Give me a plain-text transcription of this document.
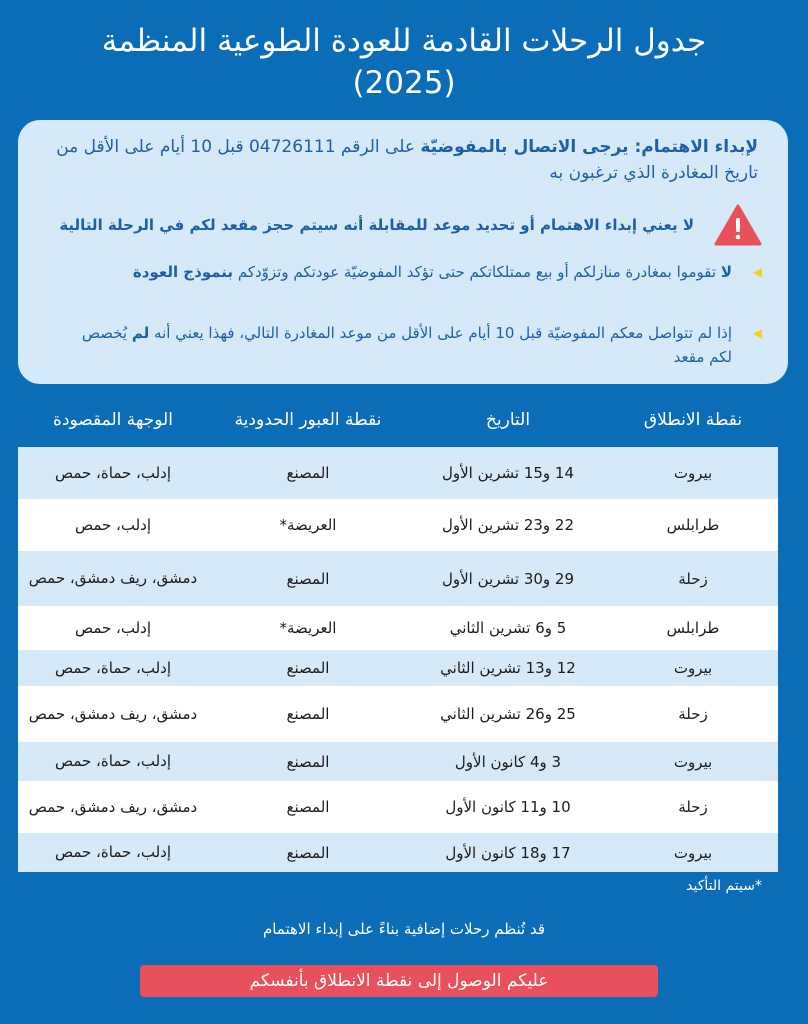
جدول الرحلات القادمة للعودة الطوعية المنظمة
(2025)
لإبداء الاهتمام: يرجى الاتصال بالمفوضيّة على الرقم 04726111 قبل 10 أيام على الأقل من تاريخ المغادرة الذي ترغبون به
لا يعني إبداء الاهتمام أو تحديد موعد للمقابلة أنه سيتم حجز مقعد لكم في الرحلة التالية
◀
لا تقوموا بمغادرة منازلكم أو بيع ممتلكاتكم حتى تؤكد المفوضيّة عودتكم وتزوّدكم بنموذج العودة
◀
إذا لم تتواصل معكم المفوضيّة قبل 10 أيام على الأقل من موعد المغادرة التالي، فهذا يعني أنه لم يُخصص لكم مقعد
نقطة الانطلاق
التاريخ
نقطة العبور الحدودية
الوجهة المقصودة
بيروت
14 و15 تشرين الأول
المصنع
إدلب، حماة، حمص
طرابلس
22 و23 تشرين الأول
العريضة*
إدلب، حمص
زحلة
29 و30 تشرين الأول
المصنع
دمشق، ريف دمشق، حمص
طرابلس
5 و6 تشرين الثاني
العريضة*
إدلب، حمص
بيروت
12 و13 تشرين الثاني
المصنع
إدلب، حماة، حمص
زحلة
25 و26 تشرين الثاني
المصنع
دمشق، ريف دمشق، حمص
بيروت
3 و4 كانون الأول
المصنع
إدلب، حماة، حمص
زحلة
10 و11 كانون الأول
المصنع
دمشق، ريف دمشق، حمص
بيروت
17 و18 كانون الأول
المصنع
إدلب، حماة، حمص
*سيتم التأكيد
قد تُنظم رحلات إضافية بناءً على إبداء الاهتمام
عليكم الوصول إلى نقطة الانطلاق بأنفسكم
